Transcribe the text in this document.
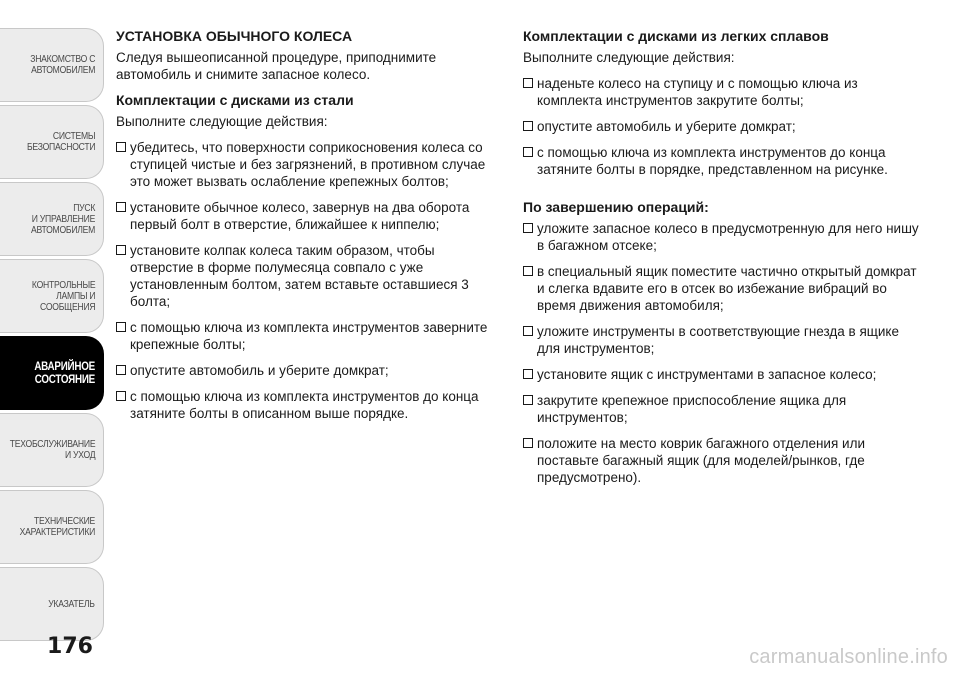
ЗНАКОМСТВО С
АВТОМОБИЛЕМ
СИСТЕМЫ
БЕЗОПАСНОСТИ
ПУСК
И УПРАВЛЕНИЕ
АВТОМОБИЛЕМ
КОНТРОЛЬНЫЕ
ЛАМПЫ И
СООБЩЕНИЯ
АВАРИЙНОЕ
СОСТОЯНИЕ
ТЕХОБСЛУЖИВАНИЕ
И УХОД
ТЕХНИЧЕСКИЕ
ХАРАКТЕРИСТИКИ
УКАЗАТЕЛЬ
176
УСТАНОВКА ОБЫЧНОГО КОЛЕСА

Следуя вышеописанной процедуре, приподнимите автомобиль и снимите запасное колесо.

Комплектации с дисками из стали

Выполните следующие действия:

убедитесь, что поверхности соприкосновения колеса со ступицей чистые и без загрязнений, в противном случае это может вызвать ослабление крепежных болтов;
установите обычное колесо, завернув на два оборота первый болт в отверстие, ближайшее к ниппелю;
установите колпак колеса таким образом, чтобы отверстие в форме полумесяца совпало с уже установленным болтом, затем вставьте оставшиеся 3 болта;
с помощью ключа из комплекта инструментов заверните крепежные болты;
опустите автомобиль и уберите домкрат;
с помощью ключа из комплекта инструментов до конца затяните болты в описанном выше порядке.
Комплектации с дисками из легких сплавов

Выполните следующие действия:

наденьте колесо на ступицу и с помощью ключа из комплекта инструментов закрутите болты;
опустите автомобиль и уберите домкрат;
с помощью ключа из комплекта инструментов до конца затяните болты в порядке, представленном на рисунке.
По завершению операций:
уложите запасное колесо в предусмотренную для него нишу в багажном отсеке;
в специальный ящик поместите частично открытый домкрат и слегка вдавите его в отсек во избежание вибраций во время движения автомобиля;
уложите инструменты в соответствующие гнезда в ящике для инструментов;
установите ящик с инструментами в запасное колесо;
закрутите крепежное приспособление ящика для инструментов;
положите на место коврик багажного отделения или поставьте багажный ящик (для моделей/рынков, где предусмотрено).
carmanualsonline.info
